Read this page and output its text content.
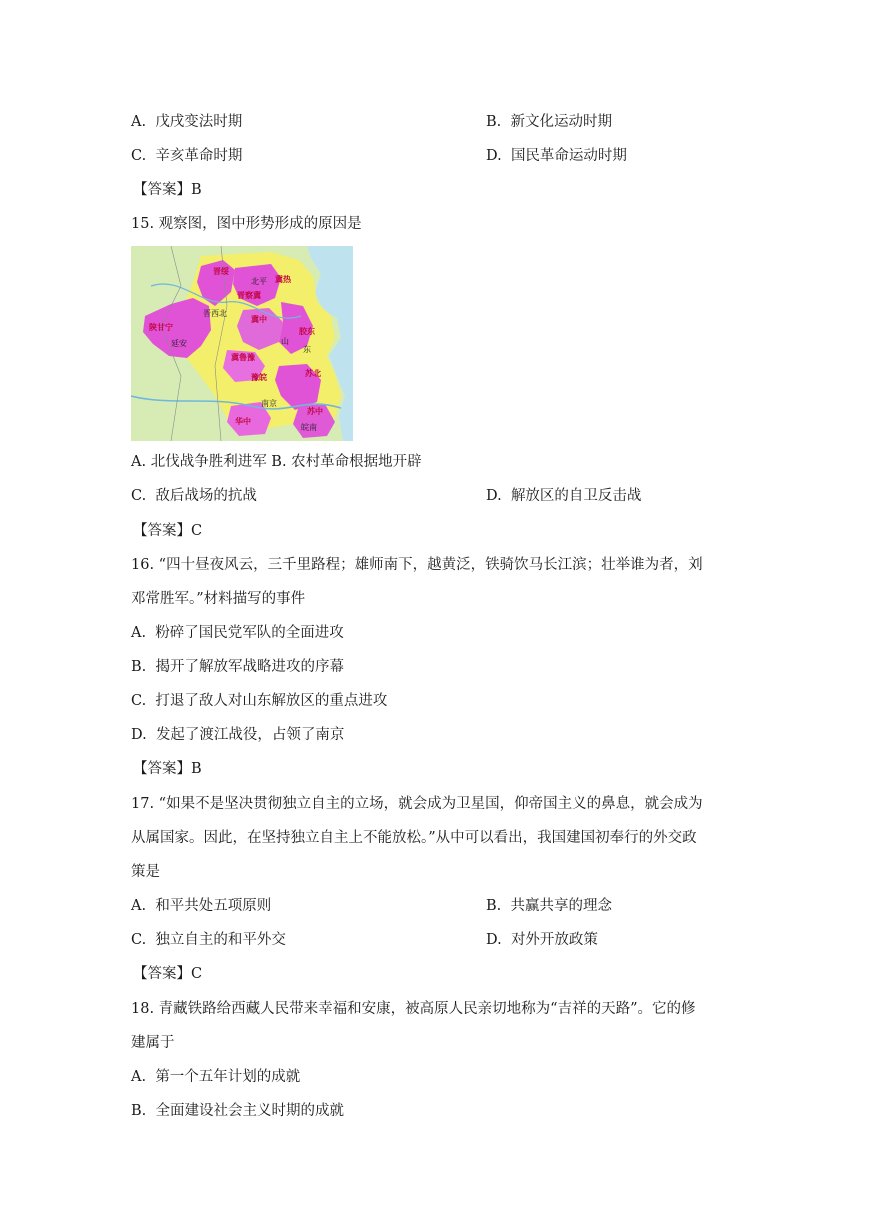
A. 戊戌变法时期	B. 新文化运动时期
C. 辛亥革命时期	D. 国民革命运动时期
【答案】B
15. 观察图，图中形势形成的原因是
陕甘宁
延安
北平
晋察冀
晋绥
晋西北
冀中
冀热
胶东
山
东
冀鲁豫
苏北
豫皖
南京
苏中
华中
皖南
A. 北伐战争胜利进军 B. 农村革命根据地开辟
C. 敌后战场的抗战	D. 解放区的自卫反击战
【答案】C
16. “四十昼夜风云，三千里路程；雄师南下，越黄泛，铁骑饮马长江滨；壮举谁为者，刘
邓常胜军。”材料描写的事件
A. 粉碎了国民党军队的全面进攻
B. 揭开了解放军战略进攻的序幕
C. 打退了敌人对山东解放区的重点进攻
D. 发起了渡江战役，占领了南京
【答案】B
17. “如果不是坚决贯彻独立自主的立场，就会成为卫星国，仰帝国主义的鼻息，就会成为
从属国家。因此，在坚持独立自主上不能放松。”从中可以看出，我国建国初奉行的外交政
策是
A. 和平共处五项原则	B. 共赢共享的理念
C. 独立自主的和平外交	D. 对外开放政策
【答案】C
18. 青藏铁路给西藏人民带来幸福和安康，被高原人民亲切地称为“吉祥的天路”。它的修
建属于
A. 第一个五年计划的成就
B. 全面建设社会主义时期的成就
